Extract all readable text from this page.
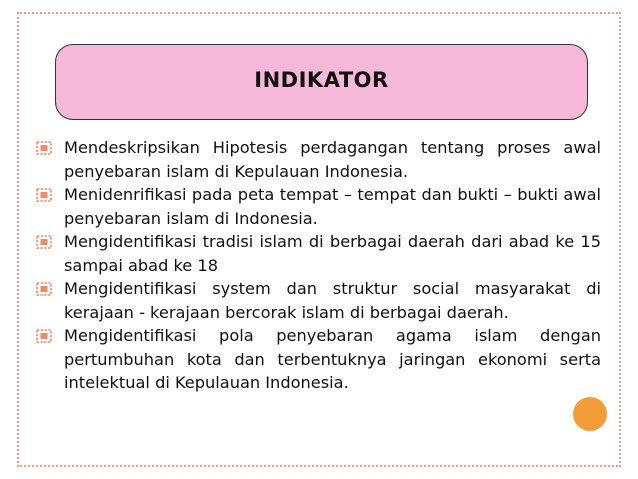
INDIKATOR
Mendeskripsikan Hipotesis perdagangan tentang proses awal penyebaran islam di Kepulauan Indonesia.
Menidenrifikasi pada peta tempat – tempat dan bukti – bukti awal penyebaran islam di Indonesia.
Mengidentifikasi tradisi islam di berbagai daerah dari abad ke 15 sampai abad ke 18
Mengidentifikasi system dan struktur social masyarakat di kerajaan - kerajaan bercorak islam di berbagai daerah.
Mengidentifikasi pola penyebaran agama islam dengan pertumbuhan kota dan terbentuknya jaringan ekonomi serta intelektual di Kepulauan Indonesia.
